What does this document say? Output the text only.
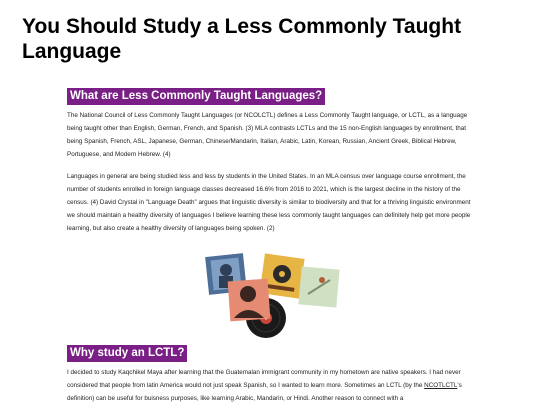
You Should Study a Less Commonly Taught Language
What are Less Commonly Taught Languages?

The National Council of Less Commonly Taught Languages (or NCOLCTL) defines a Less Commonly Taught language, or LCTL, as a language being taught other than English, German, French, and Spanish. (3) MLA contrasts LCTLs and the 15 non-English languages by enrollment, that being Spanish, French, ASL, Japanese, German, Chinese/Mandarin, Italian, Arabic, Latin, Korean, Russian, Ancient Greek, Biblical Hebrew, Portuguese, and Modern Hebrew. (4)

Languages in general are being studied less and less by students in the United States. In an MLA census over language course enrollment, the number of students enrolled in foreign language classes decreased 16.6% from 2016 to 2021, which is the largest decline in the history of the census. (4) David Crystal in "Language Death" argues that linguistic diversity is similar to biodiversity and that for a thriving linguistic environment we should maintain a healthy diversity of languages I believe learning these less commonly taught languages can definitely help get more people learning, but also create a healthy diversity of languages being spoken. (2)

Why study an LCTL?

I decided to study Kaqchikel Maya after learning that the Guatemalan immigrant community in my hometown are native speakers. I had never considered that people from latin America would not just speak Spanish, so I wanted to learn more. Sometimes an LCTL (by the NCOTLCTL's definition) can be useful for buisness purposes, like learning Arabic, Mandarin, or Hindi. Another reason to connect with a
